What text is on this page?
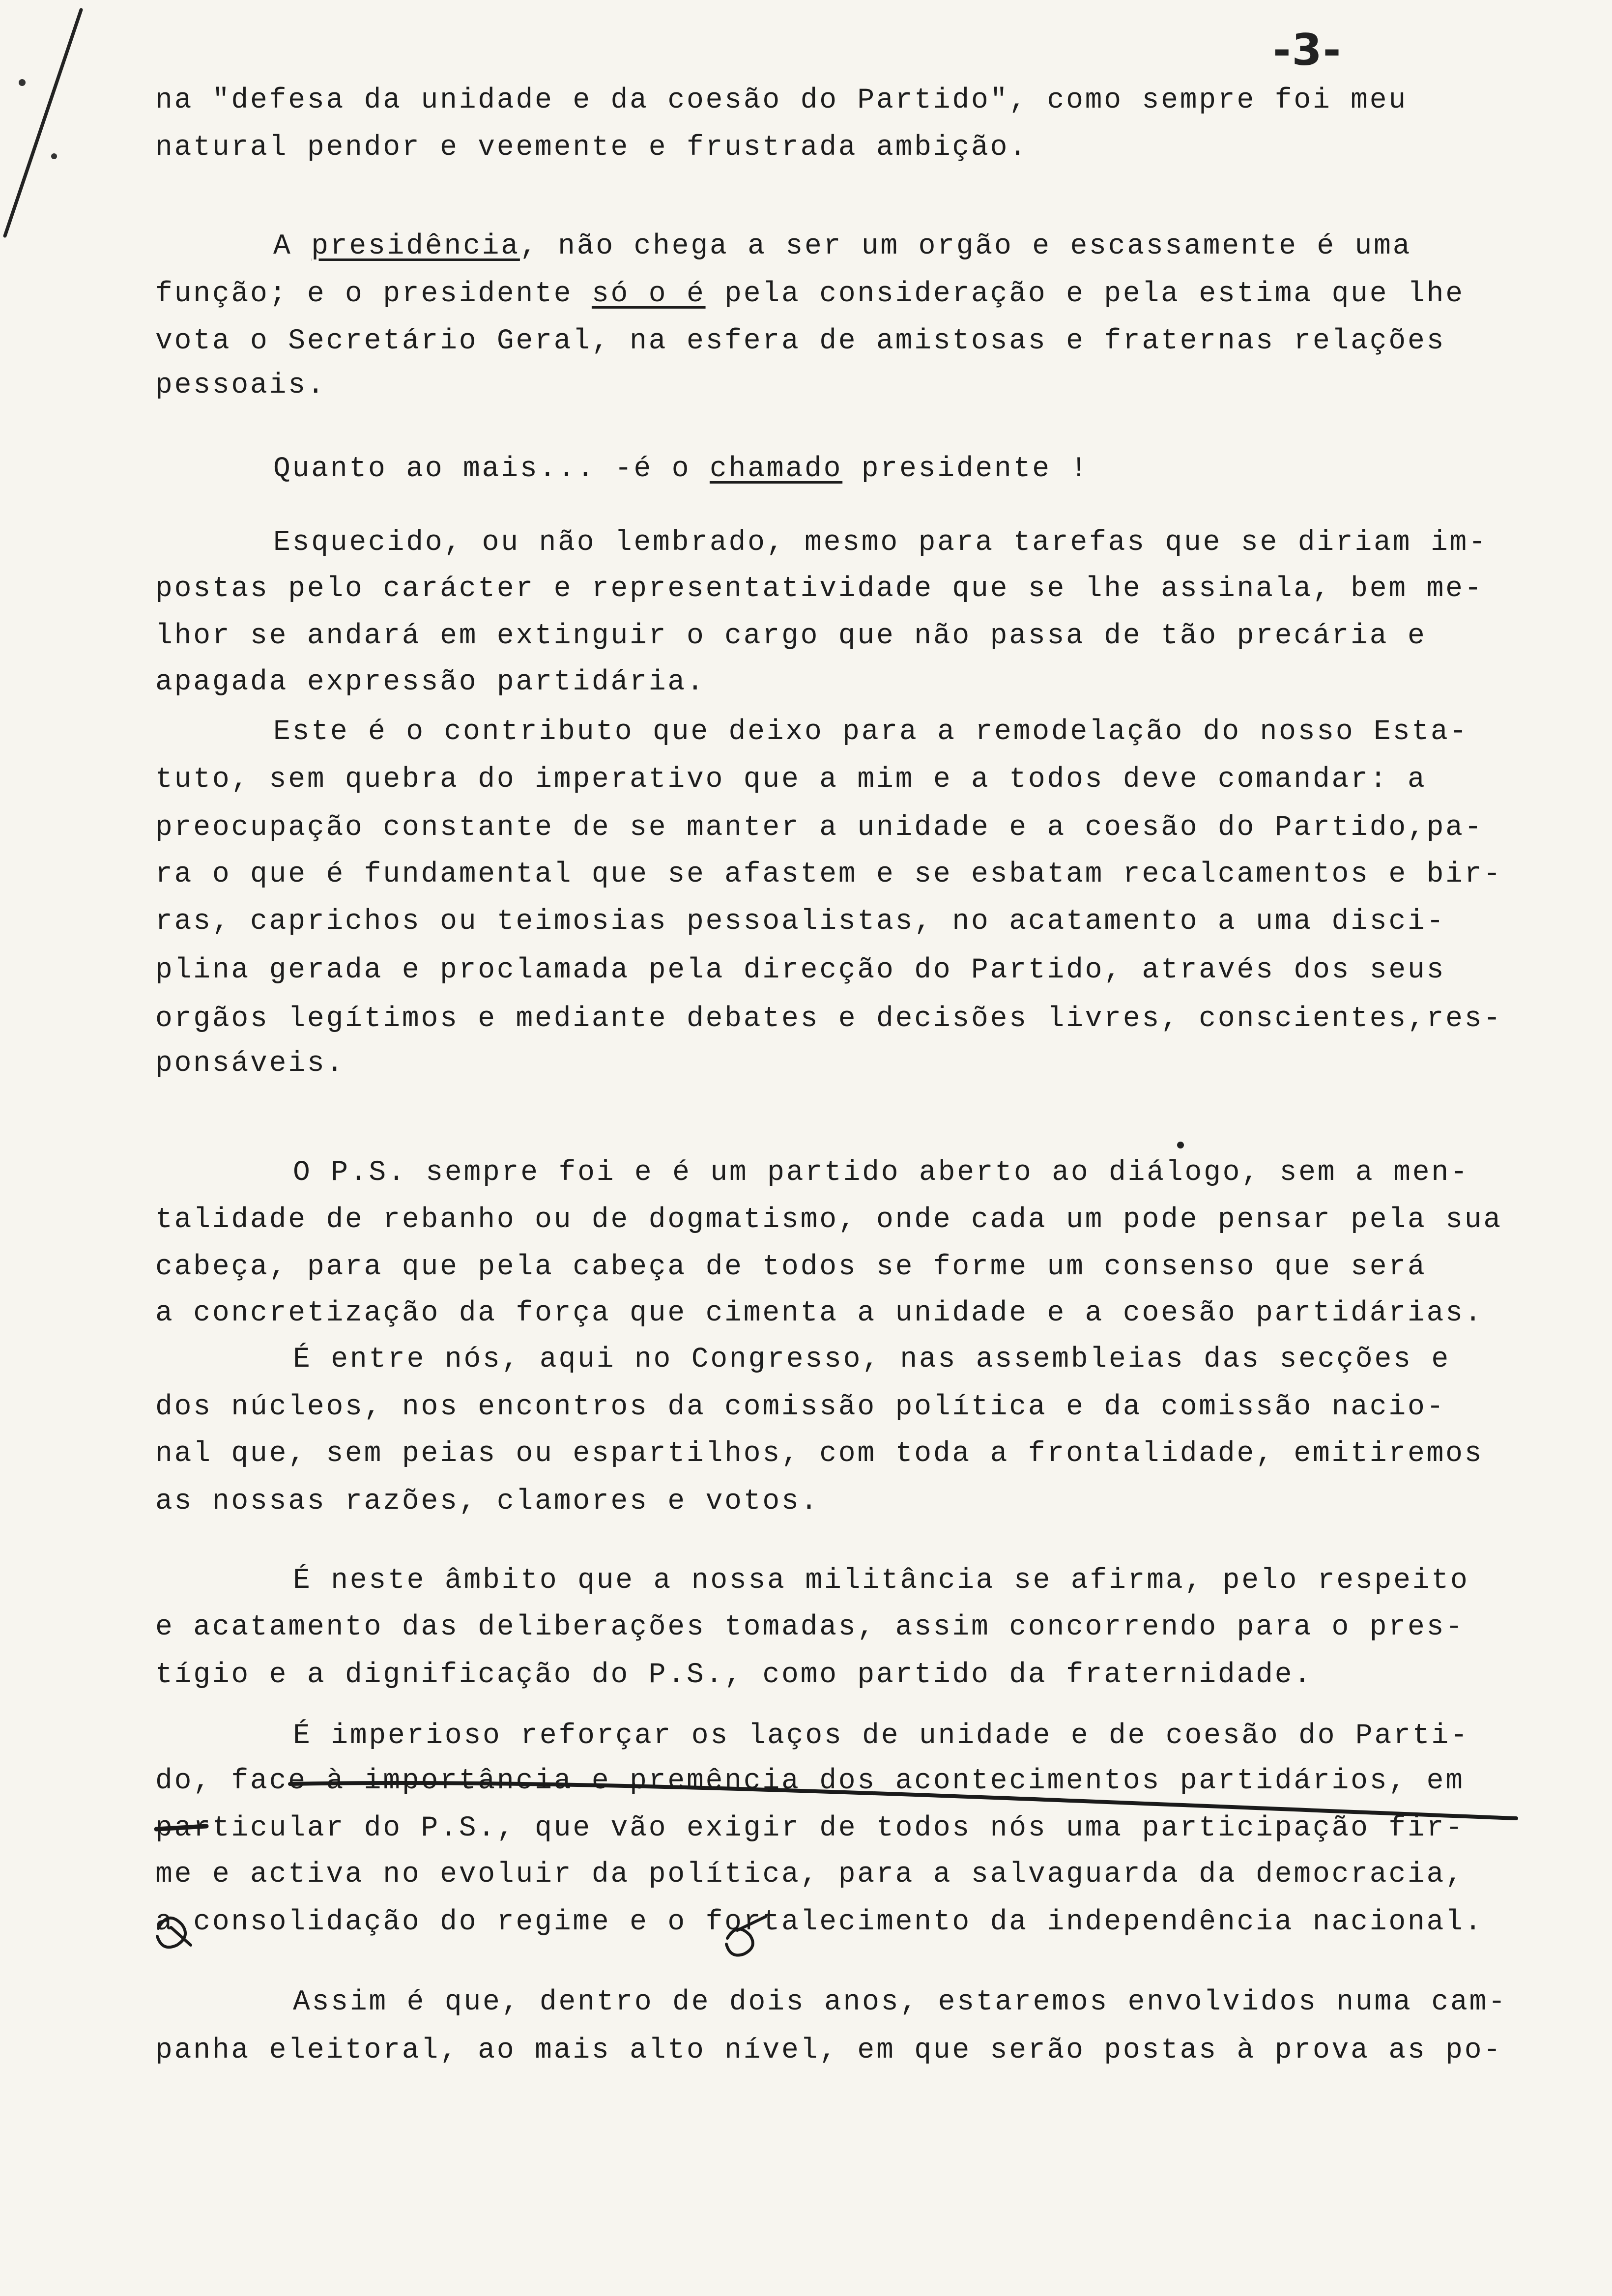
-3-
na "defesa da unidade e da coesão do Partido", como sempre foi meu
natural pendor e veemente e frustrada ambição.
A presidência, não chega a ser um orgão e escassamente é uma
função; e o presidente só o é pela consideração e pela estima que lhe
vota o Secretário Geral, na esfera de amistosas e fraternas relações
pessoais.
Quanto ao mais... -é o chamado presidente !
Esquecido, ou não lembrado, mesmo para tarefas que se diriam im-
postas pelo carácter e representatividade que se lhe assinala, bem me-
lhor se andará em extinguir o cargo que não passa de tão precária e
apagada expressão partidária.
Este é o contributo que deixo para a remodelação do nosso Esta-
tuto, sem quebra do imperativo que a mim e a todos deve comandar: a
preocupação constante de se manter a unidade e a coesão do Partido,pa-
ra o que é fundamental que se afastem e se esbatam recalcamentos e bir-
ras, caprichos ou teimosias pessoalistas, no acatamento a uma disci-
plina gerada e proclamada pela direcção do Partido, através dos seus
orgãos legítimos e mediante debates e decisões livres, conscientes,res-
ponsáveis.
O P.S. sempre foi e é um partido aberto ao diálogo, sem a men-
talidade de rebanho ou de dogmatismo, onde cada um pode pensar pela sua
cabeça, para que pela cabeça de todos se forme um consenso que será
a concretização da força que cimenta a unidade e a coesão partidárias.
É entre nós, aqui no Congresso, nas assembleias das secções e
dos núcleos, nos encontros da comissão política e da comissão nacio-
nal que, sem peias ou espartilhos, com toda a frontalidade, emitiremos
as nossas razões, clamores e votos.
É neste âmbito que a nossa militância se afirma, pelo respeito
e acatamento das deliberações tomadas, assim concorrendo para o pres-
tígio e a dignificação do P.S., como partido da fraternidade.
É imperioso reforçar os laços de unidade e de coesão do Parti-
do, face à importância e premência dos acontecimentos partidários, em
particular do P.S., que vão exigir de todos nós uma participação fir-
me e activa no evoluir da política, para a salvaguarda da democracia,
a consolidação do regime e o fortalecimento da independência nacional.
Assim é que, dentro de dois anos, estaremos envolvidos numa cam-
panha eleitoral, ao mais alto nível, em que serão postas à prova as po-
